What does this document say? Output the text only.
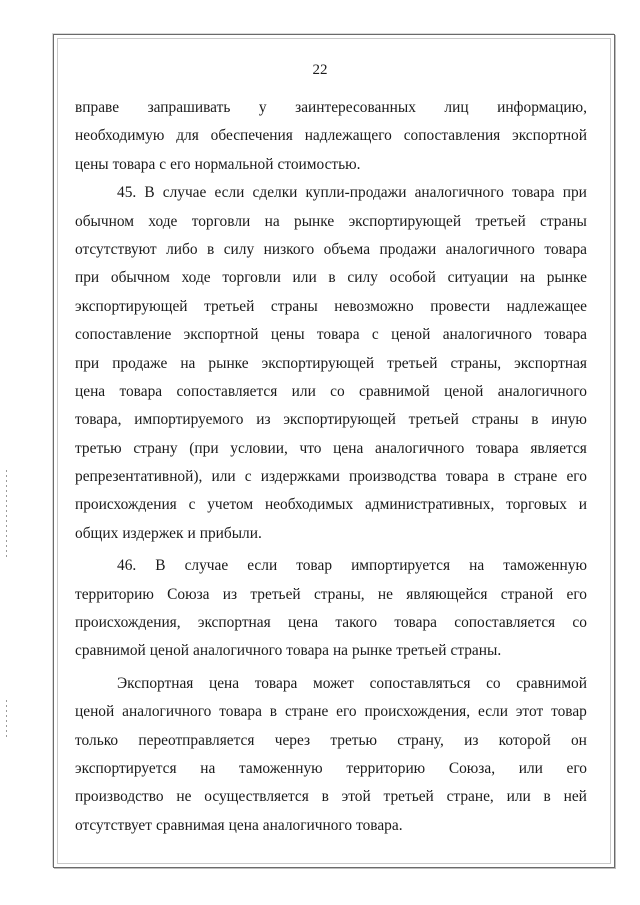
22
вправе запрашивать у заинтересованных лиц информацию,
необходимую для обеспечения надлежащего сопоставления экспортной
цены товара с его нормальной стоимостью.
45. В случае если сделки купли-продажи аналогичного товара при
обычном ходе торговли на рынке экспортирующей третьей страны
отсутствуют либо в силу низкого объема продажи аналогичного товара
при обычном ходе торговли или в силу особой ситуации на рынке
экспортирующей третьей страны невозможно провести надлежащее
сопоставление экспортной цены товара с ценой аналогичного товара
при продаже на рынке экспортирующей третьей страны, экспортная
цена товара сопоставляется или со сравнимой ценой аналогичного
товара, импортируемого из экспортирующей третьей страны в иную
третью страну (при условии, что цена аналогичного товара является
репрезентативной), или с издержками производства товара в стране его
происхождения с учетом необходимых административных, торговых и
общих издержек и прибыли.
46. В случае если товар импортируется на таможенную
территорию Союза из третьей страны, не являющейся страной его
происхождения, экспортная цена такого товара сопоставляется со
сравнимой ценой аналогичного товара на рынке третьей страны.
Экспортная цена товара может сопоставляться со сравнимой
ценой аналогичного товара в стране его происхождения, если этот товар
только переотправляется через третью страну, из которой он
экспортируется на таможенную территорию Союза, или его
производство не осуществляется в этой третьей стране, или в ней
отсутствует сравнимая цена аналогичного товара.
